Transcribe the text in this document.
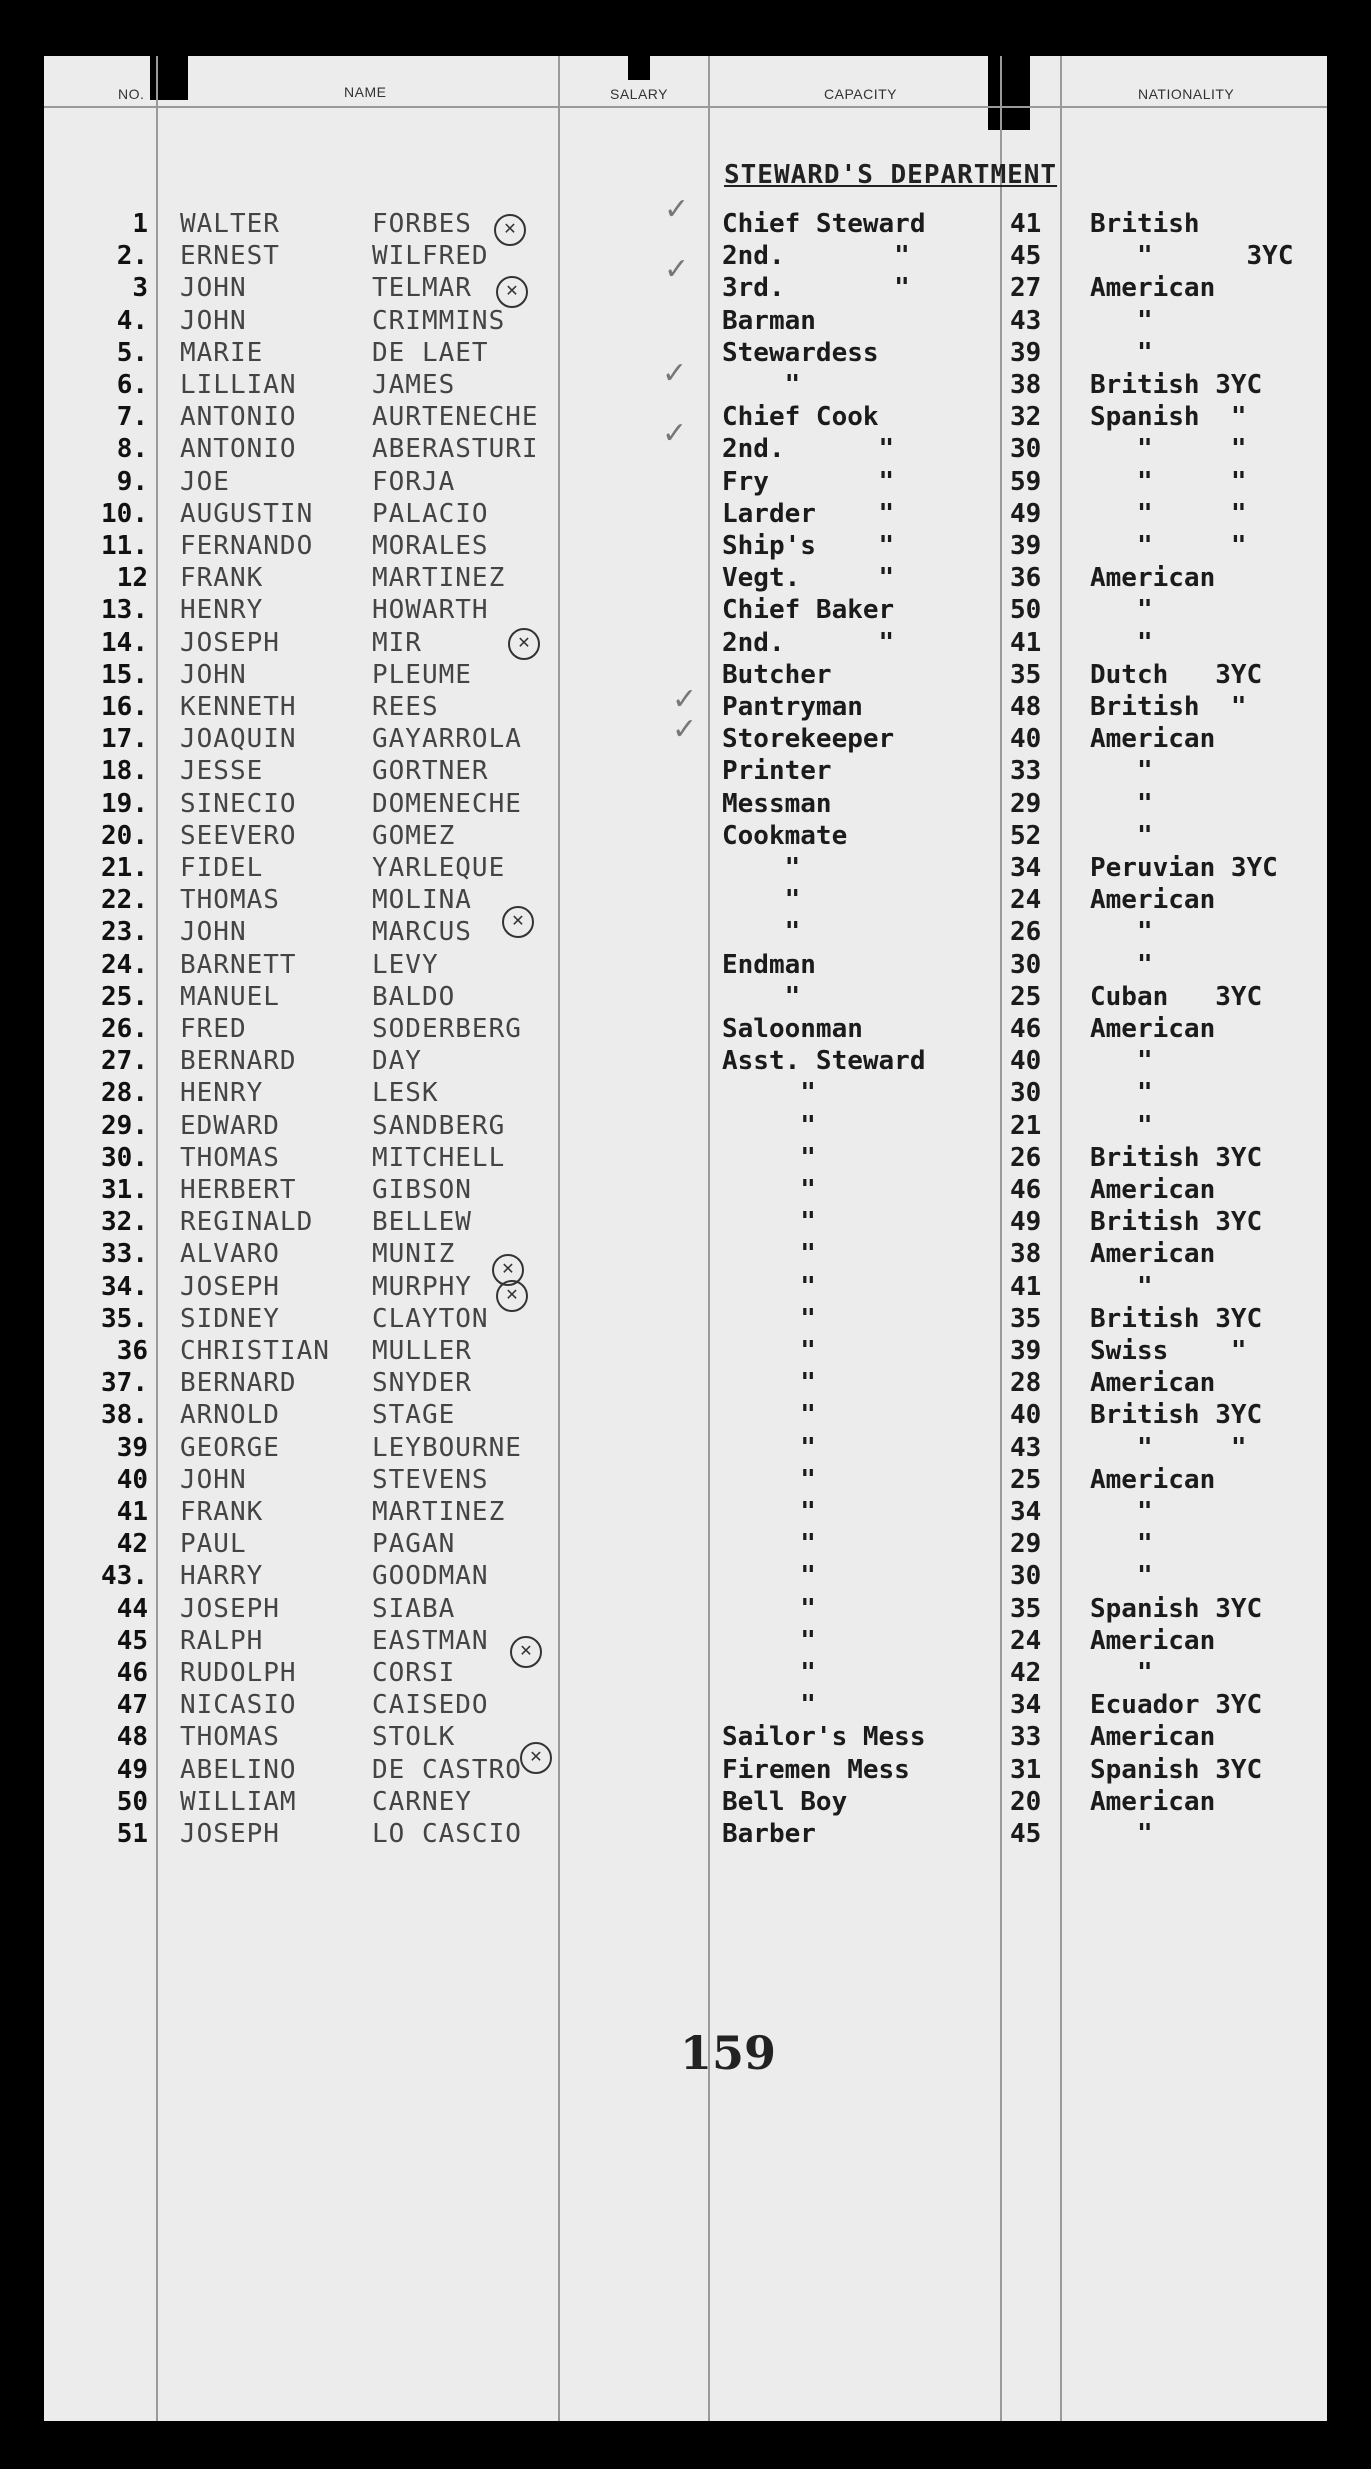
NO.	NAME	SALARY	CAPACITY	NATIONALITY
STEWARD'S DEPARTMENT
1 WALTER	FORBES	Chief Steward	41 British
2. ERNEST	WILFRED	2nd.       "	45 "      3YC
3 JOHN	TELMAR	3rd.       "	27 American
4. JOHN	CRIMMINS	Barman	43 "
5. MARIE	DE LAET	Stewardess	39 "
6. LILLIAN	JAMES	"	38 British 3YC
7. ANTONIO	AURTENECHE	Chief Cook	32 Spanish  "
8. ANTONIO	ABERASTURI	2nd.      "	30 "     "
9. JOE	FORJA	Fry       "	59 "     "
10. AUGUSTIN PALACIO	Larder    "	49 "     "
11. FERNANDO MORALES	Ship's    "	39 "     "
12 FRANK	MARTINEZ	Vegt.     "	36 American
13. HENRY	HOWARTH	Chief Baker	50 "
14. JOSEPH	MIR	2nd.      "	41 "
15. JOHN	PLEUME	Butcher	35 Dutch   3YC
16. KENNETH	REES	Pantryman	48 British  "
17. JOAQUIN	GAYARROLA	Storekeeper	40 American
18. JESSE	GORTNER	Printer	33 "
19. SINECIO	DOMENECHE	Messman	29 "
20. SEEVERO	GOMEZ	Cookmate	52 "
21. FIDEL	YARLEQUE	"	34 Peruvian 3YC
22. THOMAS	MOLINA	"	24 American
23. JOHN	MARCUS	"	26 "
24. BARNETT	LEVY	Endman	30 "
25. MANUEL	BALDO	"	25 Cuban   3YC
26. FRED	SODERBERG	Saloonman	46 American
27. BERNARD	DAY	Asst. Steward	40 "
28. HENRY	LESK	"	30 "
29. EDWARD	SANDBERG	"	21 "
30. THOMAS	MITCHELL	"	26 British 3YC
31. HERBERT	GIBSON	"	46 American
32. REGINALD BELLEW	"	49 British 3YC
33. ALVARO	MUNIZ	"	38 American
34. JOSEPH	MURPHY	"	41 "
35. SIDNEY	CLAYTON	"	35 British 3YC
36 CHRISTIAN MULLER	"	39 Swiss    "
37. BERNARD	SNYDER	"	28 American
38. ARNOLD	STAGE	"	40 British 3YC
39 GEORGE	LEYBOURNE	"	43 "     "
40 JOHN	STEVENS	"	25 American
41 FRANK	MARTINEZ	"	34 "
42 PAUL	PAGAN	"	29 "
43. HARRY	GOODMAN	"	30 "
44 JOSEPH	SIABA	"	35 Spanish 3YC
45 RALPH	EASTMAN	"	24 American
46 RUDOLPH	CORSI	"	42 "
47 NICASIO	CAISEDO	"	34 Ecuador 3YC
48 THOMAS	STOLK	Sailor's Mess	33 American
49 ABELINO	DE CASTRO	Firemen Mess	31 Spanish 3YC
50 WILLIAM	CARNEY	Bell Boy	20 American
51 JOSEPH	LO CASCIO	Barber	45 "
✓
✓
✓
✓
✓
✓
✕
✕
✕
✕
✕
✕
✕
✕
159
